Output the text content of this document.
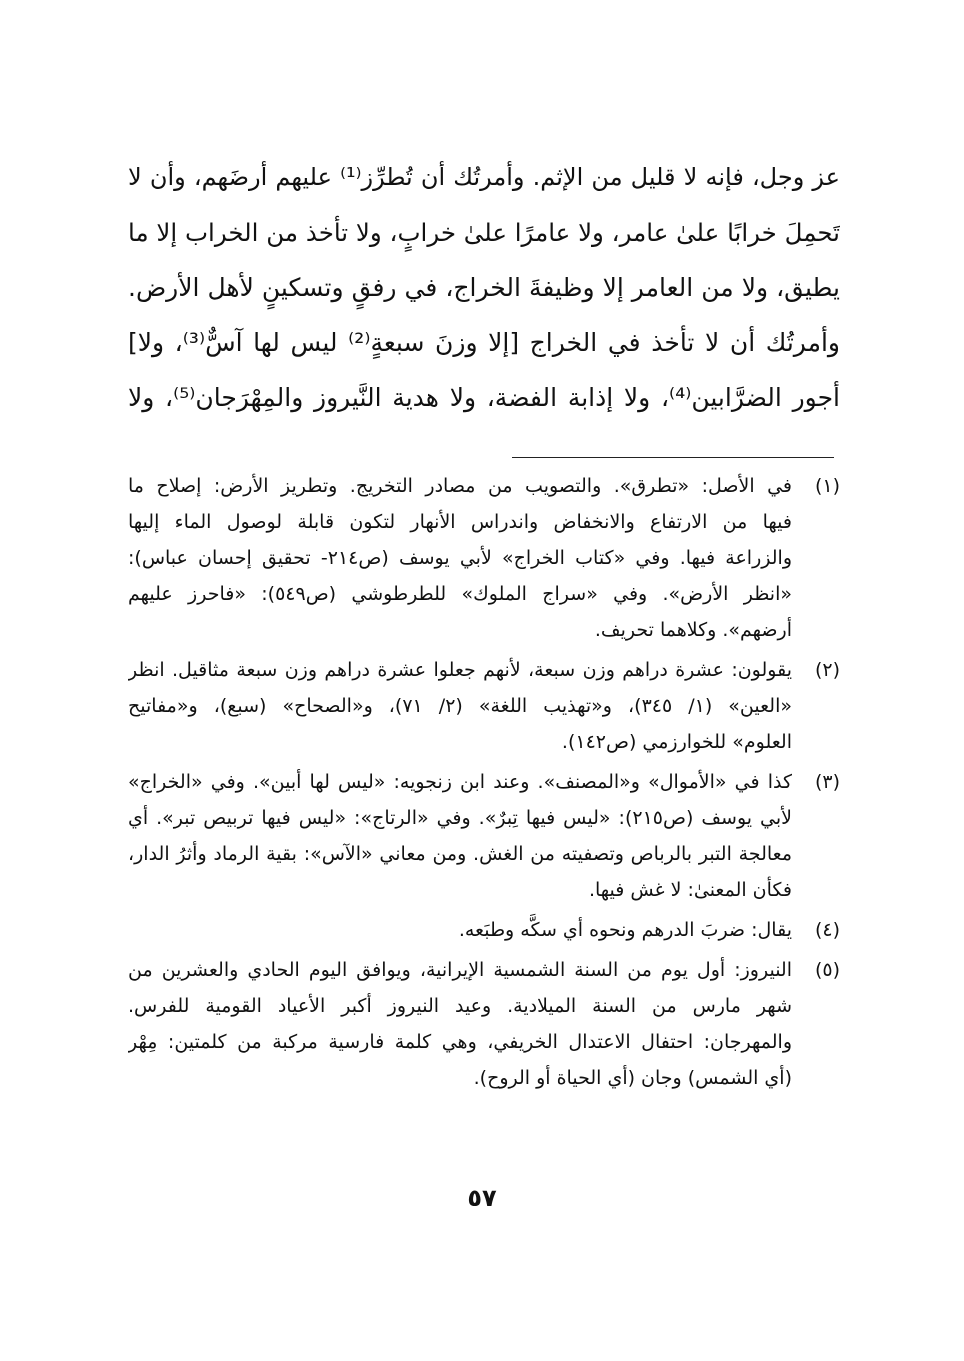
عز وجل، فإنه لا قليل من الإثم. وأمرتُك أن تُطرِّز⁽¹⁾ عليهم أرضَهم، وأن لا
تَحمِلَ خرابًا علىٰ عامر، ولا عامرًا علىٰ خرابٍ، ولا تأخذ من الخراب إلا ما
يطيق، ولا من العامر إلا وظيفةَ الخراج، في رفقٍ وتسكينٍ لأهل الأرض.
وأمرتُك أن لا تأخذ في الخراج [إلا وزنَ سبعةٍ⁽²⁾ ليس لها آسٌّ⁽³⁾، ولا]
أجور الضرَّابين⁽⁴⁾، ولا إذابة الفضة، ولا هدية النَّيروز والمِهْرَجان⁽⁵⁾، ولا
(١)
في الأصل: «تطرق». والتصويب من مصادر التخريج. وتطريز الأرض: إصلاح ما
فيها من الارتفاع والانخفاض واندراس الأنهار لتكون قابلة لوصول الماء إليها
والزراعة فيها. وفي «كتاب الخراج» لأبي يوسف (ص٢١٤- تحقيق إحسان عباس):
«انظر الأرض». وفي «سراج الملوك» للطرطوشي (ص٥٤٩): «فاحرز عليهم
أرضهم». وكلاهما تحريف.
(٢)
يقولون: عشرة دراهم وزن سبعة، لأنهم جعلوا عشرة دراهم وزن سبعة مثاقيل. انظر
«العين» (١/ ٣٤٥)، و«تهذيب اللغة» (٢/ ٧١)، و«الصحاح» (سبع)، و«مفاتيح
العلوم» للخوارزمي (ص١٤٢).
(٣)
كذا في «الأموال» و«المصنف». وعند ابن زنجويه: «ليس لها أبين». وفي «الخراج»
لأبي يوسف (ص٢١٥): «ليس فيها تِبرٌ». وفي «الرتاج»: «ليس فيها تربيص تبر». أي
معالجة التبر بالرباص وتصفيته من الغش. ومن معاني «الآس»: بقية الرماد وأثرُ الدار،
فكأن المعنىٰ: لا غش فيها.
(٤)
يقال: ضربَ الدرهم ونحوه أي سكَّه وطبَعه.
(٥)
النيروز: أول يوم من السنة الشمسية الإيرانية، ويوافق اليوم الحادي والعشرين من
شهر مارس من السنة الميلادية. وعيد النيروز أكبر الأعياد القومية للفرس.
والمهرجان: احتفال الاعتدال الخريفي، وهي كلمة فارسية مركبة من كلمتين: مِهْر
(أي الشمس) وجان (أي الحياة أو الروح).
٥٧
